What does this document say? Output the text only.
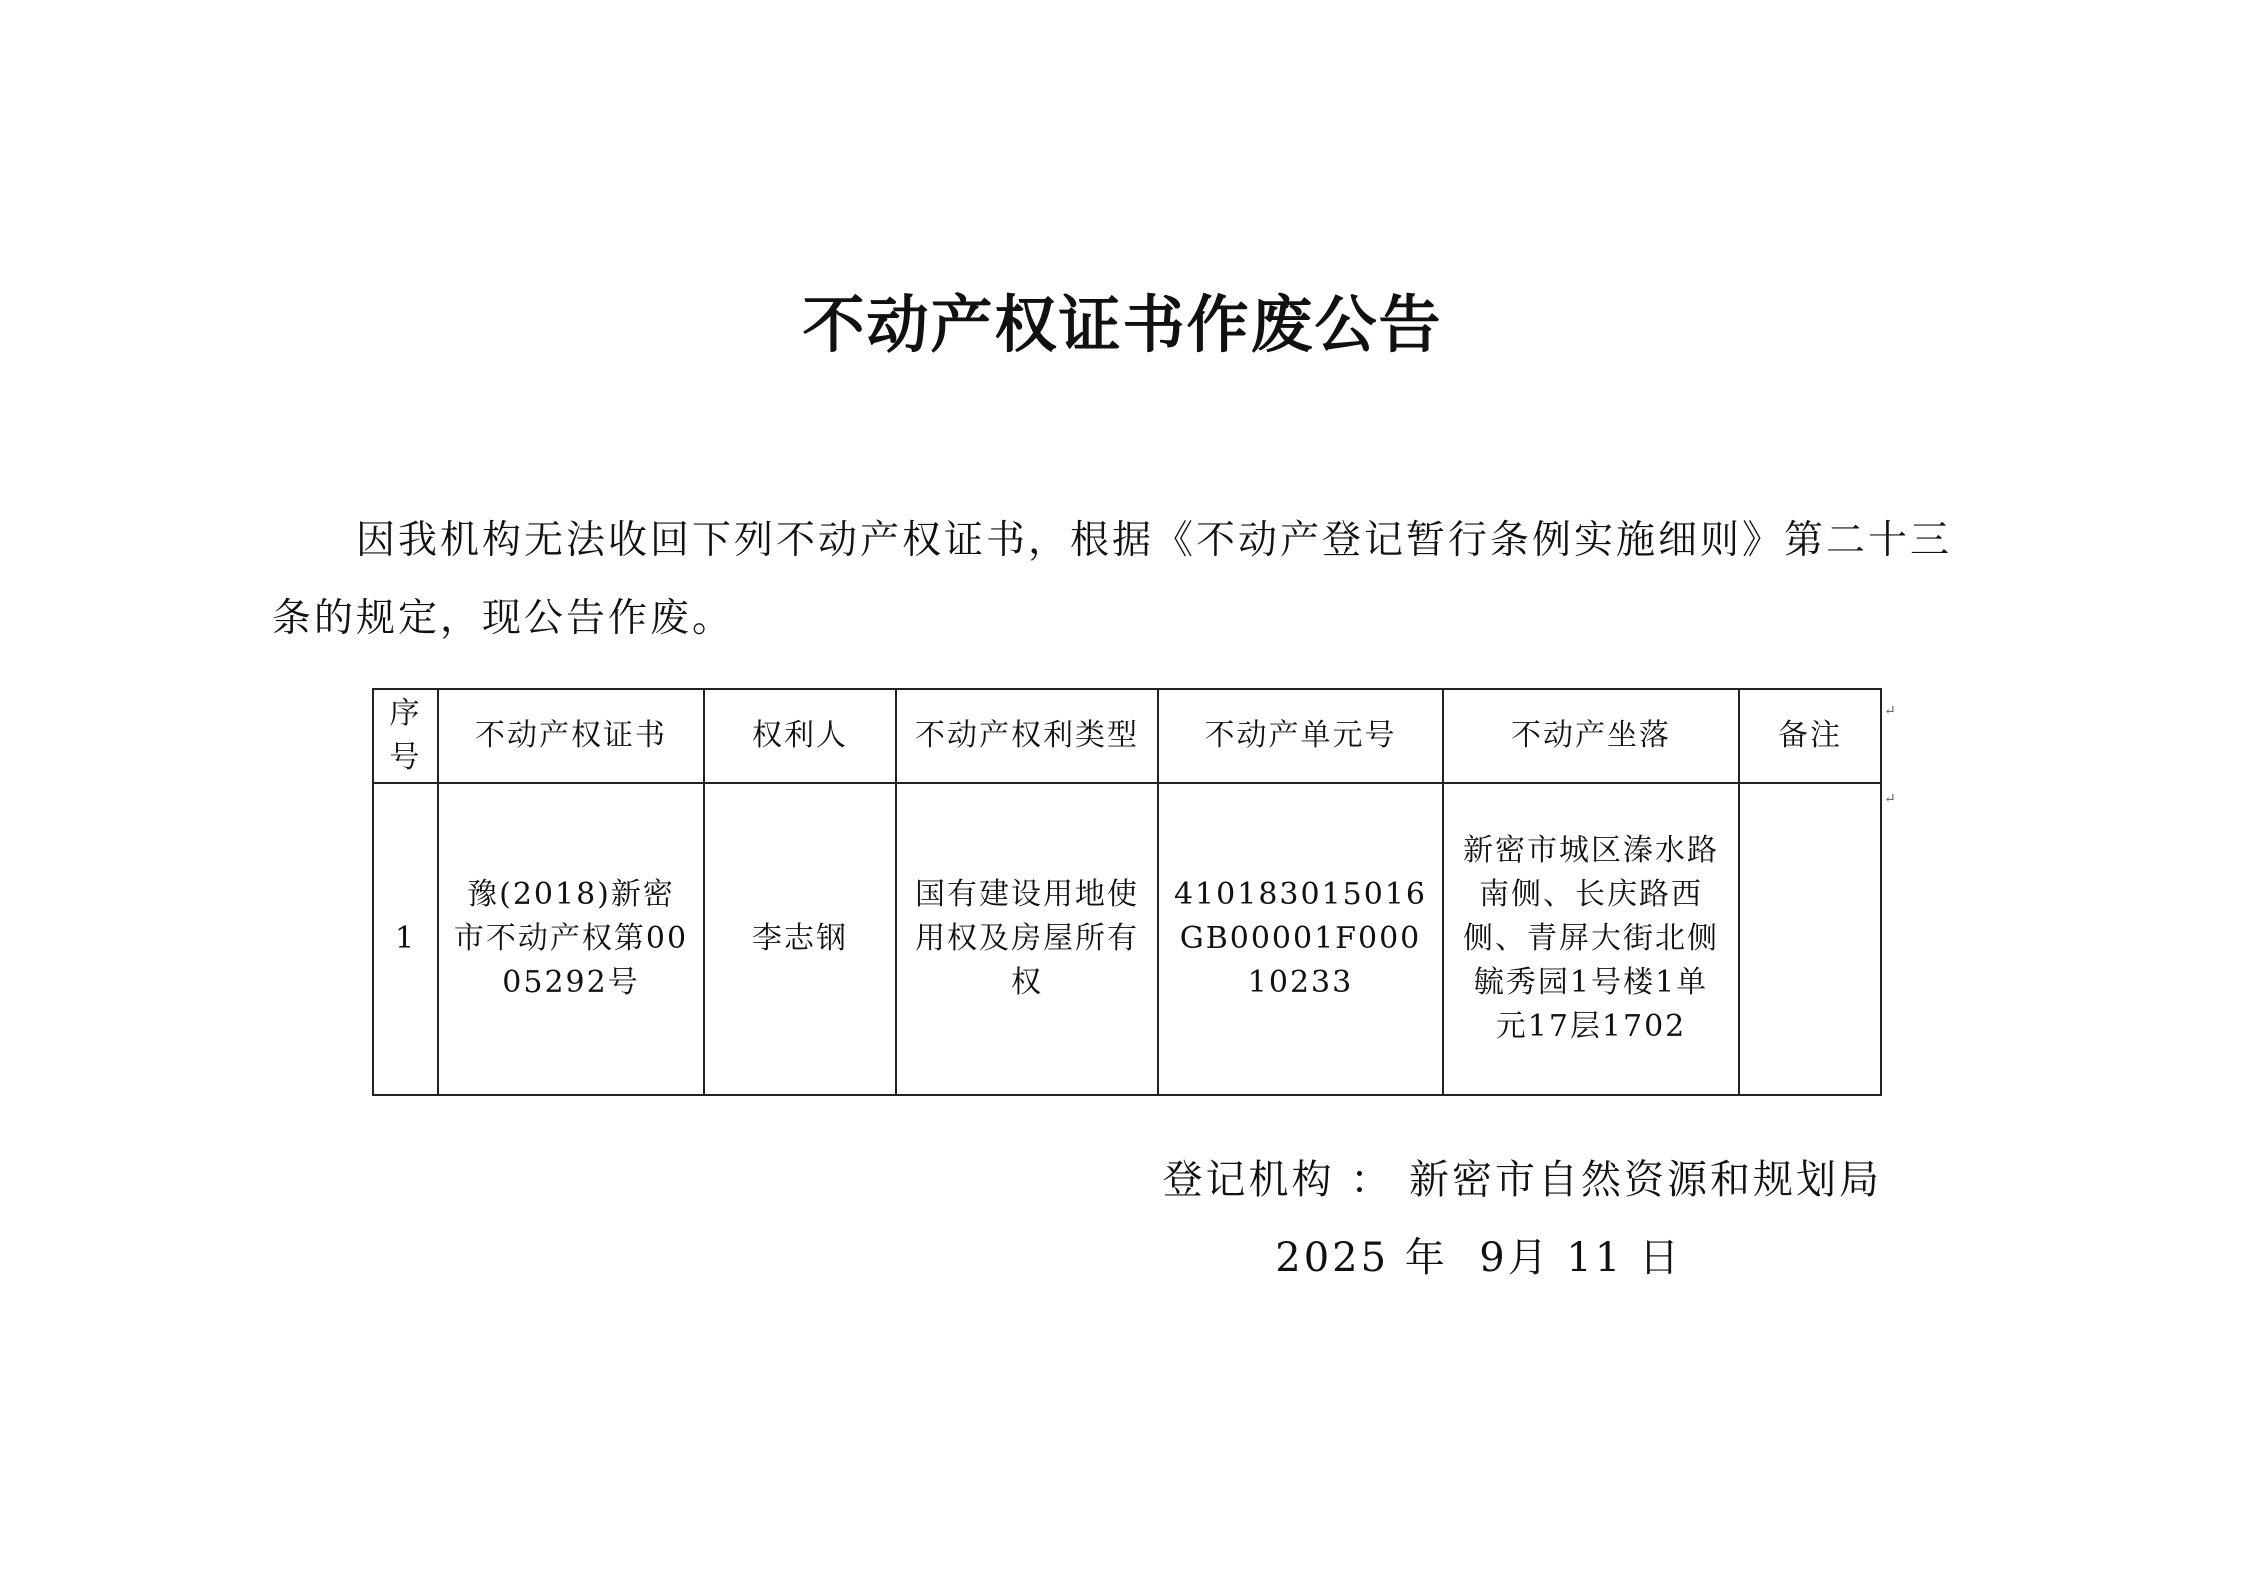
不动产权证书作废公告

因我机构无法收回下列不动产权证书，根据《不动产登记暂行条例实施细则》第二十三条的规定，现公告作废。

序号	不动产权证书	权利人	不动产权利类型	不动产单元号	不动产坐落	备注
1	豫(2018)新密市不动产权第0005292号	李志钢	国有建设用地使用权及房屋所有权	410183015016GB00001F00010233	新密市城区溱水路南侧、长庆路西侧、青屏大街北侧毓秀园1号楼1单元17层1702	
↵
↵
登记机构 ： 新密市自然资源和规划局
2025 年  9月 11 日
